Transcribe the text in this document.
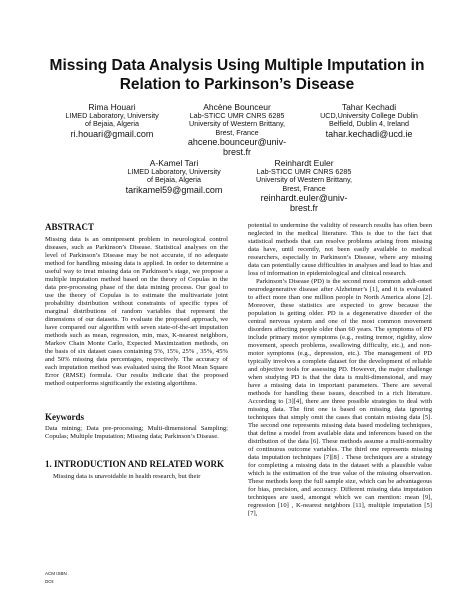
Missing Data Analysis Using Multiple Imputation in Relation to Parkinson’s Disease
Rima Houari
LIMED Laboratory, University
of Bejaia, Algeria
ri.houari@gmail.com
Ahcène Bounceur
Lab-STICC UMR CNRS 6285
University of Western Brittany,
Brest, France
ahcene.bounceur@univ-
brest.fr
Tahar Kechadi
UCD,University College Dublin
Belfield, Dublin 4, Ireland
tahar.kechadi@ucd.ie
A-Kamel Tari
LIMED Laboratory, University
of Bejaia, Algeria
tarikamel59@gmail.com
Reinhardt Euler
Lab-STICC UMR CNRS 6285
University of Western Brittany,
Brest, France
reinhardt.euler@univ-
brest.fr
ABSTRACT

Missing data is an omnipresent problem in neurological control diseases, such as Parkinson’s Disease. Statistical analyses on the level of Parkinson’s Disease may be not accurate, if no adequate method for handling missing data is applied. In order to determine a useful way to treat missing data on Parkinson’s stage, we propose a multiple imputation method based on the theory of Copulas in the data pre-processing phase of the data mining process. Our goal to use the theory of Copulas is to estimate the multivariate joint probability distribution without constraints of specific types of marginal distributions of random variables that represent the dimensions of our datasets. To evaluate the proposed approach, we have compared our algorithm with seven state-of-the-art imputation methods such as mean, regression, min, max, K-nearest neighbors, Markov Chain Monte Carlo, Expected Maximization methods, on the basis of six dataset cases containing 5%, 15%, 25% , 35%, 45% and 50% missing data percentages, respectively. The accuracy of each imputation method was evaluated using the Root Mean Square Error (RMSE) formula. Our results indicate that the proposed method outperforms significantly the existing algorithms.

Keywords

Data mining; Data pre-processing; Multi-dimensional Sampling; Copulas; Multiple Imputation; Missing data; Parkinson’s Disease.

1. INTRODUCTION AND RELATED WORK

Missing data is unavoidable in health research, but their

ACM ISBN .
DOI:

potential to undermine the validity of research results has often been neglected in the medical literature. This is due to the fact that statistical methods that can resolve problems arising from missing data have, until recently, not been easily available to medical researchers, especially in Parkinson’s Disease, where any missing data can potentially cause difficulties in analyses and lead to bias and loss of information in epidemiological and clinical research.

Parkinson’s Disease (PD) is the second most common adult-onset neurodegenerative disease after Alzheimer’s [1], and it is evaluated to affect more than one million people in North America alone [2]. Moreover, these statistics are expected to grow because the population is getting older. PD is a degenerative disorder of the central nervous system and one of the most common movement disorders affecting people older than 60 years. The symptoms of PD include primary motor symptoms (e.g., resting tremor, rigidity, slow movement, speech problems, swallowing difficulty, etc.), and non-motor symptoms (e.g., depression, etc.). The management of PD typically involves a complete dataset for the development of reliable and objective tools for assessing PD. However, the major challenge when studying PD is that the data is multi-dimensional, and may have a missing data in important parameters. There are several methods for handling these issues, described in a rich literature. According to [3][4], there are three possible strategies to deal with missing data. The first one is based on missing data ignoring techniques that simply omit the cases that contain missing data [5]. The second one represents missing data based modeling techniques, that define a model from available data and inferences based on the distribution of the data [6]. These methods assume a multi-normality of continuous outcome variables. The third one represents missing data imputation techniques [7][8] . These techniques are a strategy for completing a missing data in the dataset with a plausible value which is the estimation of the true value of the missing observation. These methods keep the full sample size, which can be advantageous for bias, precision, and accuracy. Different missing data imputation techniques are used, amongst which we can mention: mean [9], regression [10] , K-nearest neighbors [11], multiple imputation [5] [7],
